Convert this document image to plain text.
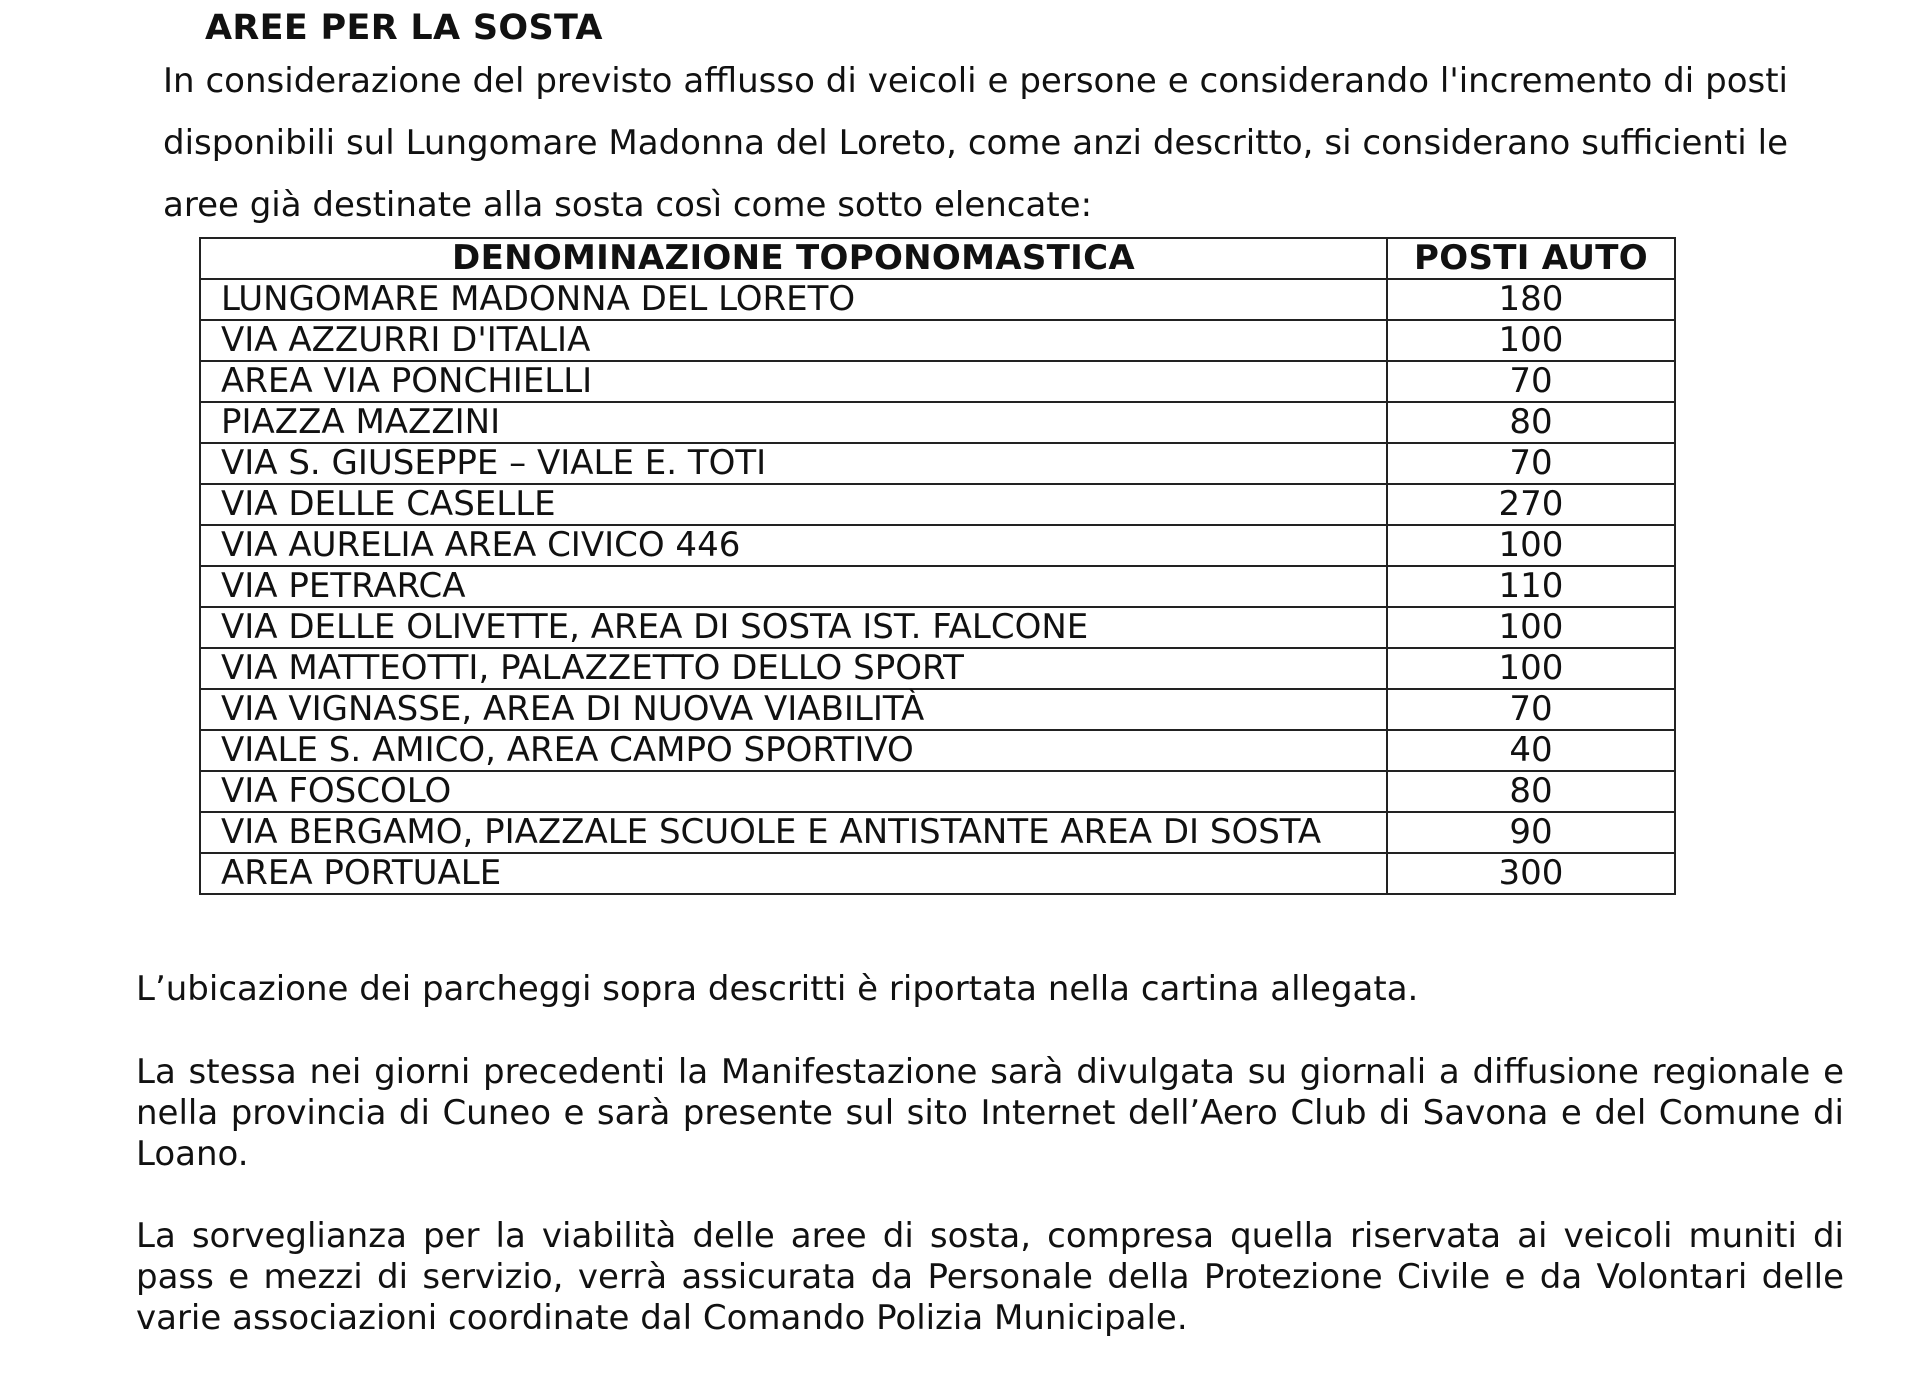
AREE PER LA SOSTA

In considerazione del previsto afflusso di veicoli e persone e considerando l'incremento di posti
disponibili sul Lungomare Madonna del Loreto, come anzi descritto, si considerano sufficienti le
aree già destinate alla sosta così come sotto elencate:

DENOMINAZIONE TOPONOMASTICA	POSTI AUTO
LUNGOMARE MADONNA DEL LORETO	180
VIA AZZURRI D'ITALIA	100
AREA VIA PONCHIELLI	70
PIAZZA MAZZINI	80
VIA S. GIUSEPPE – VIALE E. TOTI	70
VIA DELLE CASELLE	270
VIA AURELIA AREA CIVICO 446	100
VIA PETRARCA	110
VIA DELLE OLIVETTE, AREA DI SOSTA IST. FALCONE	100
VIA MATTEOTTI, PALAZZETTO DELLO SPORT	100
VIA VIGNASSE, AREA DI NUOVA VIABILITÀ	70
VIALE S. AMICO, AREA CAMPO SPORTIVO	40
VIA FOSCOLO	80
VIA BERGAMO, PIAZZALE SCUOLE E ANTISTANTE AREA DI SOSTA	90
AREA PORTUALE	300

L’ubicazione dei parcheggi sopra descritti è riportata nella cartina allegata.

La stessa nei giorni precedenti la Manifestazione sarà divulgata su giornali a diffusione regionale e
nella provincia di Cuneo e sarà presente sul sito Internet dell’Aero Club di Savona e del Comune di
Loano.

La sorveglianza per la viabilità delle aree di sosta, compresa quella riservata ai veicoli muniti di
pass e mezzi di servizio, verrà assicurata da Personale della Protezione Civile e da Volontari delle
varie associazioni coordinate dal Comando Polizia Municipale.
